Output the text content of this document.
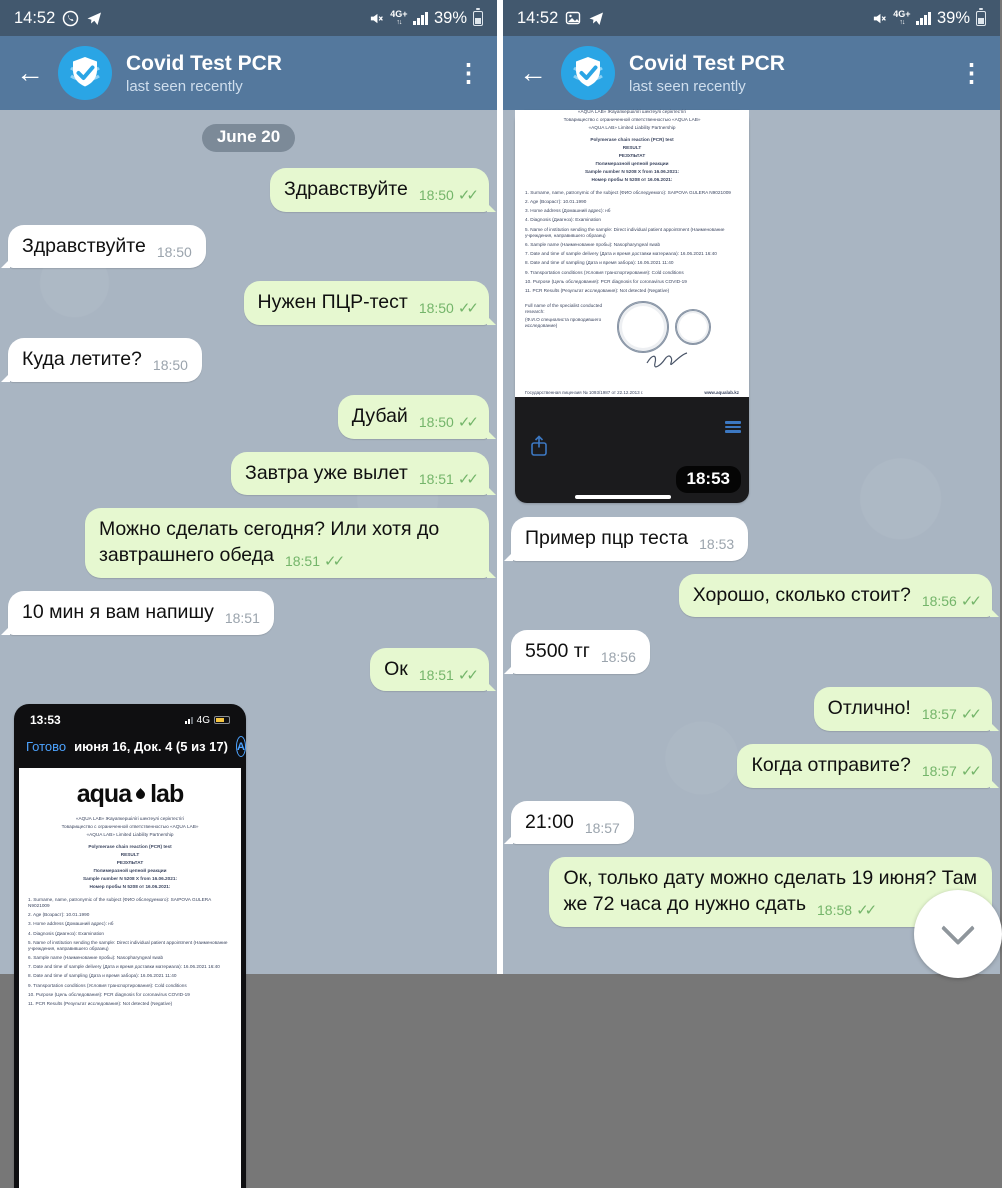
14:52	4G+
↑↓ 39%
←	Covid Test PCR
last seen recently	⋮
June 20
Здравствуйте $_{18:50 ✓✓}$
Здравствуйте $_{18:50}$
Нужен ПЦР-тест $_{18:50 ✓✓}$
Куда летите? $_{18:50}$
Дубай $_{18:50 ✓✓}$
Завтра уже вылет $_{18:51 ✓✓}$
Можно сделать сегодня? Или хотя до завтрашнего обеда $_{18:51 ✓✓}$
10 мин я вам напишу $_{18:51}$
Ок $_{18:51 ✓✓}$
13:53	4G
Готово июня 16, Док. 4 (5 из 17) A
aqua lab
«AQUA LAB» Жауапкершілігі шектеулі серіктестігі
Товарищество с ограниченной ответственностью «AQUA LAB»
«AQUA LAB» Limited Liability Partnership
Polymerase chain reaction (PCR) test
RESULT
РЕЗУЛЬТАТ
Полимеразной цепной реакции
Sample number N 5208 X from 16.06.2021:
Номер пробы N 5208 от 16.06.2021:
1. Surname, name, patronymic of the subject (ФИО обследуемого): SAIPOVA GULERA N9021009
2. Age (Возраст): 10.01.1990
3. Home address (Домашний адрес): нб
4. Diagnosis (Диагноз): Examination
5. Name of institution sending the sample: Direct individual patient appointment (Наименование учреждения, направившего образец)
6. Sample name (Наименование пробы): Nasopharyngeal swab
7. Date and time of sample delivery (Дата и время доставки материала): 16.06.2021 16:40
8. Date and time of sampling (Дата и время забора): 16.06.2021 11:40
9. Transportation conditions (Условия транспортирования): Cold conditions
10. Purpose (Цель обследования): PCR diagnosis for coronavirus COVID-19
11. PCR Results (Результат исследования): Not detected (Negative)
14:52	4G+
↑↓ 39%
←	Covid Test PCR
last seen recently	⋮
«AQUA LAB» Жауапкершілігі шектеулі серіктестігі
Товарищество с ограниченной ответственностью «AQUA LAB»
«AQUA LAB» Limited Liability Partnership
Polymerase chain reaction (PCR) test
RESULT
РЕЗУЛЬТАТ
Полимеразной цепной реакции
Sample number N 5208 X from 16.06.2021:
Номер пробы N 5208 от 16.06.2021:
1. Surname, name, patronymic of the subject (ФИО обследуемого): SAIPOVA GULERA N9021009
2. Age (Возраст): 10.01.1990
3. Home address (Домашний адрес): нб
4. Diagnosis (Диагноз): Examination
5. Name of institution sending the sample: Direct individual patient appointment (Наименование учреждения, направившего образец)
6. Sample name (Наименование пробы): Nasopharyngeal swab
7. Date and time of sample delivery (Дата и время доставки материала): 16.06.2021 16:40
8. Date and time of sampling (Дата и время забора): 16.06.2021 11:40
9. Transportation conditions (Условия транспортирования): Cold conditions
10. Purpose (Цель обследования): PCR diagnosis for coronavirus COVID-19
11. PCR Results (Результат исследования): Not detected (Negative)
Full name of the specialist conducted research:
(Ф.И.О специалиста проводившего исследование)
Государственная лицензия № 1093/1987 от 22.12.2013 г.	www.aqualab.kz
18:53
Пример пцр теста $_{18:53}$
Хорошо, сколько стоит? $_{18:56 ✓✓}$
5500 тг $_{18:56}$
Отлично! $_{18:57 ✓✓}$
Когда отправите? $_{18:57 ✓✓}$
21:00 $_{18:57}$
Ок, только дату можно сделать 19 июня? Там же 72 часа до нужно сдать $_{18:58 ✓✓}$
